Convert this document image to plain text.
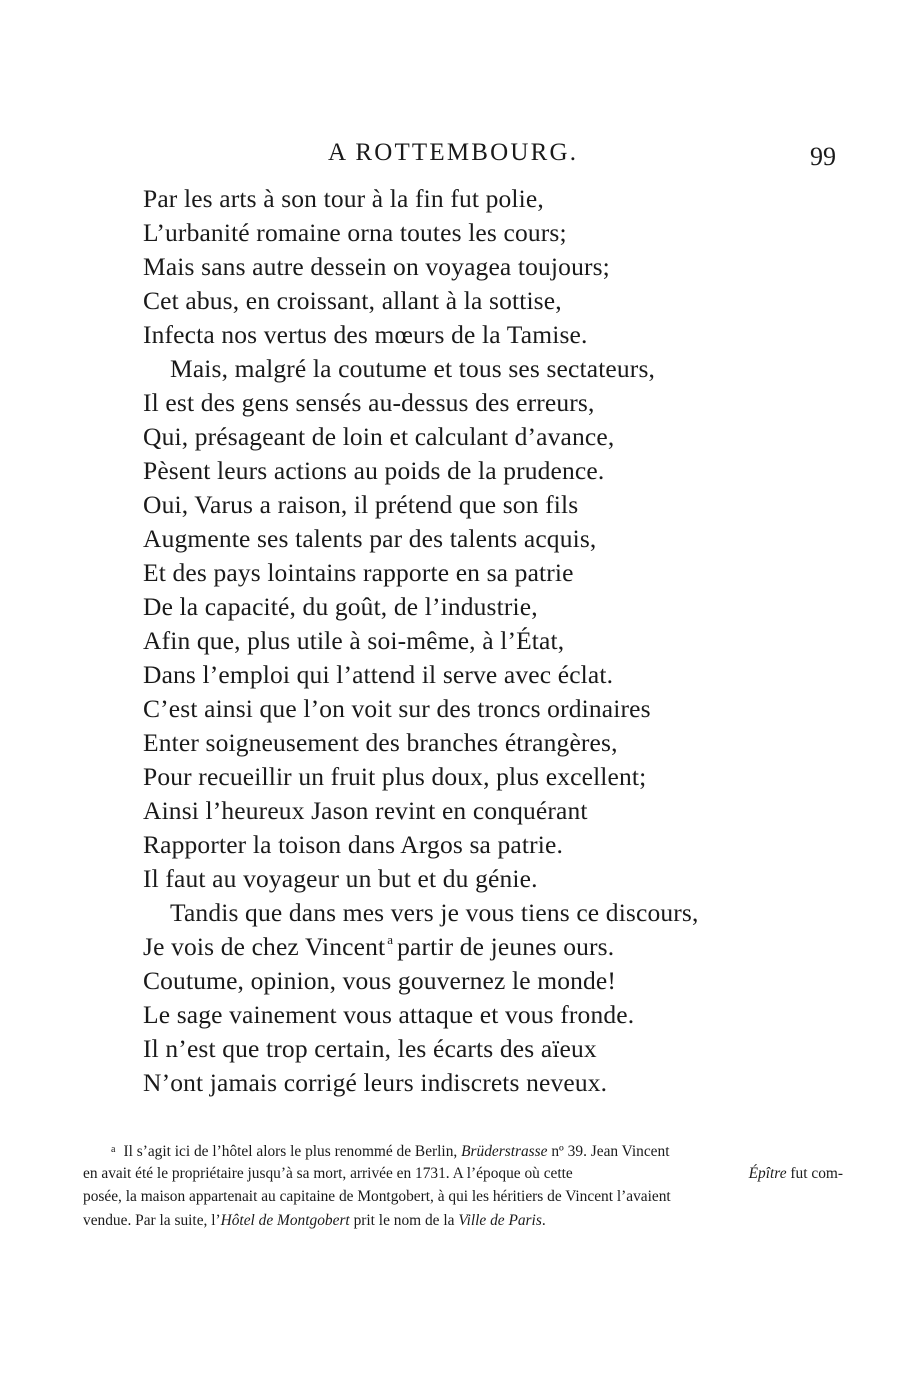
A ROTTEMBOURG.	99
Par les arts à son tour à la fin fut polie,
L’urbanité romaine orna toutes les cours;
Mais sans autre dessein on voyagea toujours;
Cet abus, en croissant, allant à la sottise,
Infecta nos vertus des mœurs de la Tamise.
Mais, malgré la coutume et tous ses sectateurs,
Il est des gens sensés au-dessus des erreurs,
Qui, présageant de loin et calculant d’avance,
Pèsent leurs actions au poids de la prudence.
Oui, Varus a raison, il prétend que son fils
Augmente ses talents par des talents acquis,
Et des pays lointains rapporte en sa patrie
De la capacité, du goût, de l’industrie,
Afin que, plus utile à soi-même, à l’État,
Dans l’emploi qui l’attend il serve avec éclat.
C’est ainsi que l’on voit sur des troncs ordinaires
Enter soigneusement des branches étrangères,
Pour recueillir un fruit plus doux, plus excellent;
Ainsi l’heureux Jason revint en conquérant
Rapporter la toison dans Argos sa patrie.
Il faut au voyageur un but et du génie.
Tandis que dans mes vers je vous tiens ce discours,
Je vois de chez Vincent $^a$ partir de jeunes ours.
Coutume, opinion, vous gouvernez le monde!
Le sage vainement vous attaque et vous fronde.
Il n’est que trop certain, les écarts des aïeux
N’ont jamais corrigé leurs indiscrets neveux.
$^a$ Il s’agit ici de l’hôtel alors le plus renommé de Berlin, Brüderstrasse nº 39. Jean Vincent
en avait été le propriétaire jusqu’à sa mort, arrivée en 1731. A l’époque où cette	Épître fut com-
posée, la maison appartenait au capitaine de Montgobert, à qui les héritiers de Vincent l’avaient
vendue. Par la suite, l’ Hôtel de Montgobert
prit le nom de la
Ville de Paris .
